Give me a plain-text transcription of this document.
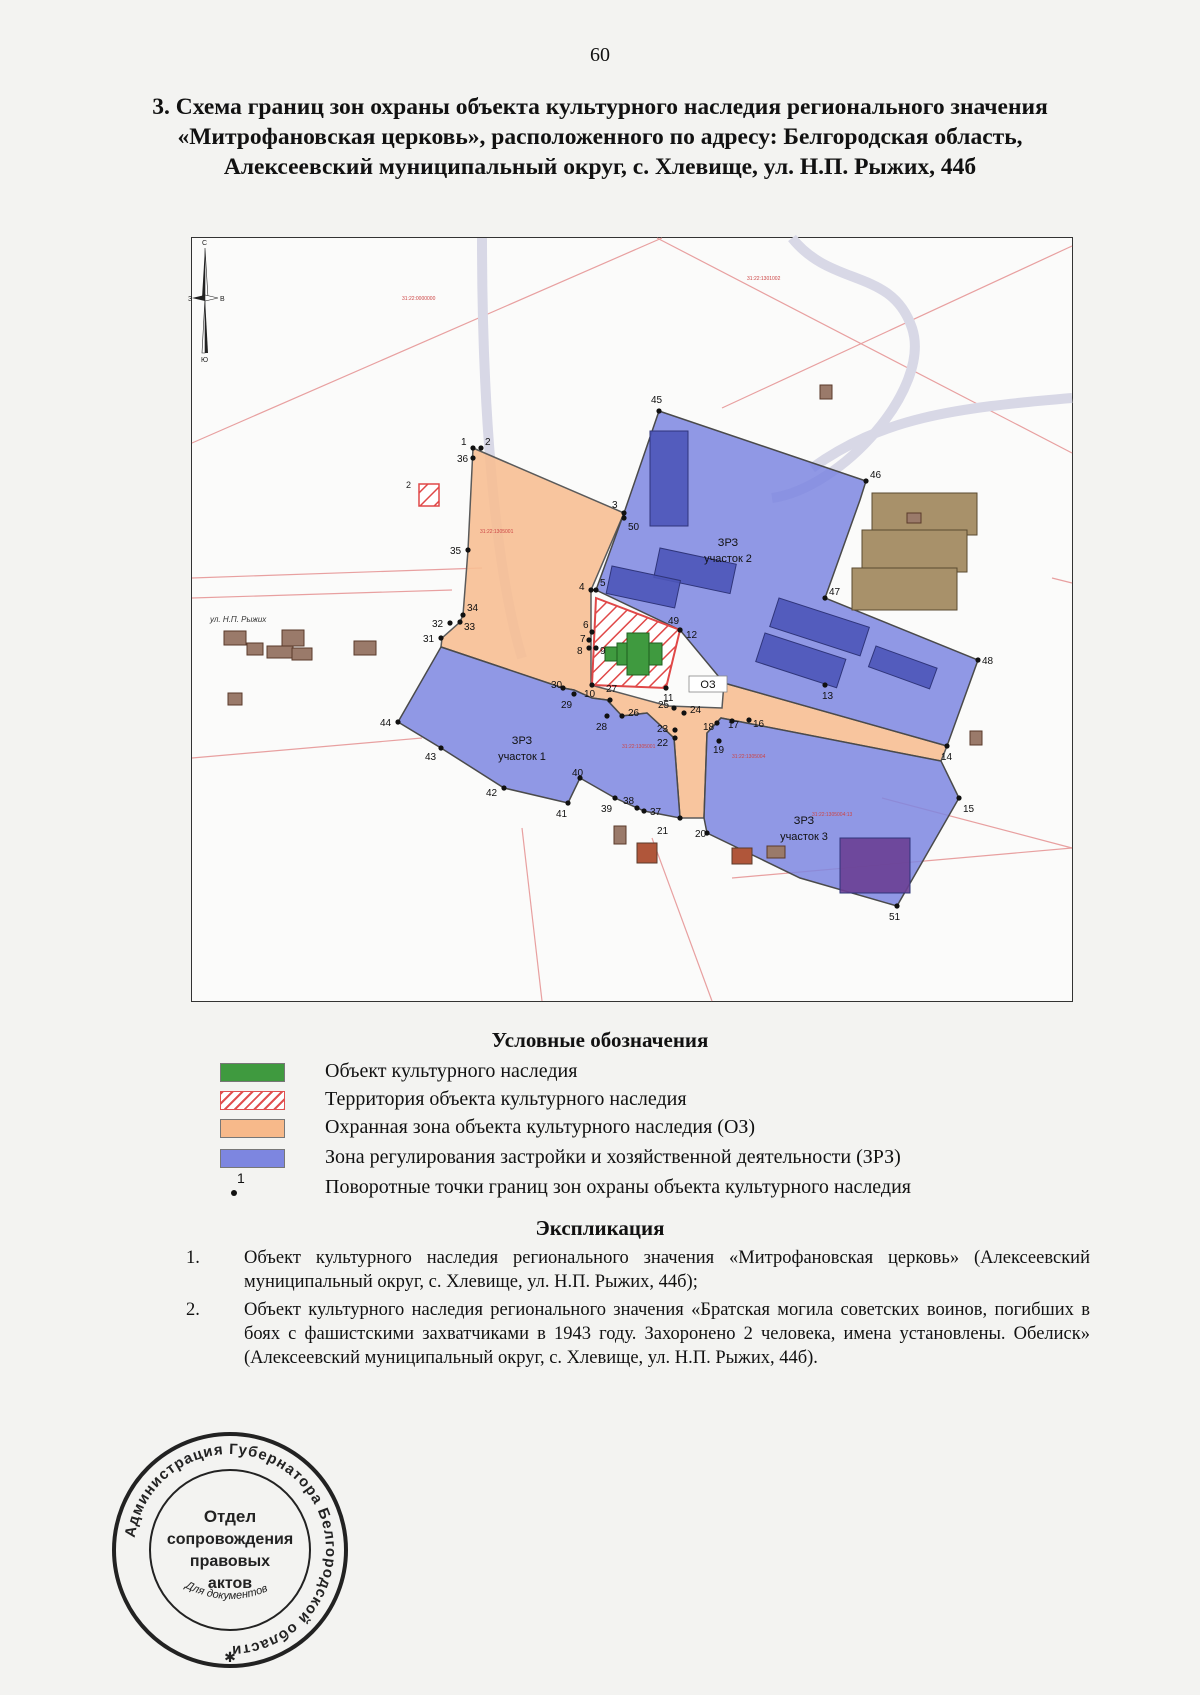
60
3. Схема границ зон охраны объекта культурного наследия регионального значения «Митрофановская церковь», расположенного по адресу: Белгородская область, Алексеевский муниципальный округ, с. Хлевище, ул. Н.П. Рыжих, 44б
2
С
Ю
З	В
ул. Н.П. Рыжих
31:22:1305001
31:22:0000000
31:22:1301002
31:22:1305001
31:22:1305004
31:22:1305004:13
ЗРЗ
участок 2
ЗРЗ
участок 1
ЗРЗ
участок 3
ОЗ
1 2
3
4 5
6
7
8 9
10	11
12
13
14
15
16
17
18
19
20
21
22
23
24
25
26
27
28
29
30
31
32 33
34
35
36
37
38
39
40
41
42
43
44
45
46
47
48
49
50
51
Условные обозначения
Объект культурного наследия
Территория объекта культурного наследия
Охранная зона объекта культурного наследия (ОЗ)
Зона регулирования застройки и хозяйственной деятельности (ЗРЗ)
1	Поворотные точки границ зон охраны объекта культурного наследия
Экспликация
1. Объект культурного наследия регионального значения «Митрофановская церковь» (Алексеевский муниципальный округ, с. Хлевище, ул. Н.П. Рыжих, 44б);
2. Объект культурного наследия регионального значения «Братская могила советских воинов, погибших в боях с фашистскими захватчиками в 1943 году. Захоронено 2 человека, имена установлены. Обелиск» (Алексеевский муниципальный округ, с. Хлевище, ул. Н.П. Рыжих, 44б).
Администрация Губернатора Белгородской области
Отдел
сопровождения
правовых
актов
Для документов
✱
